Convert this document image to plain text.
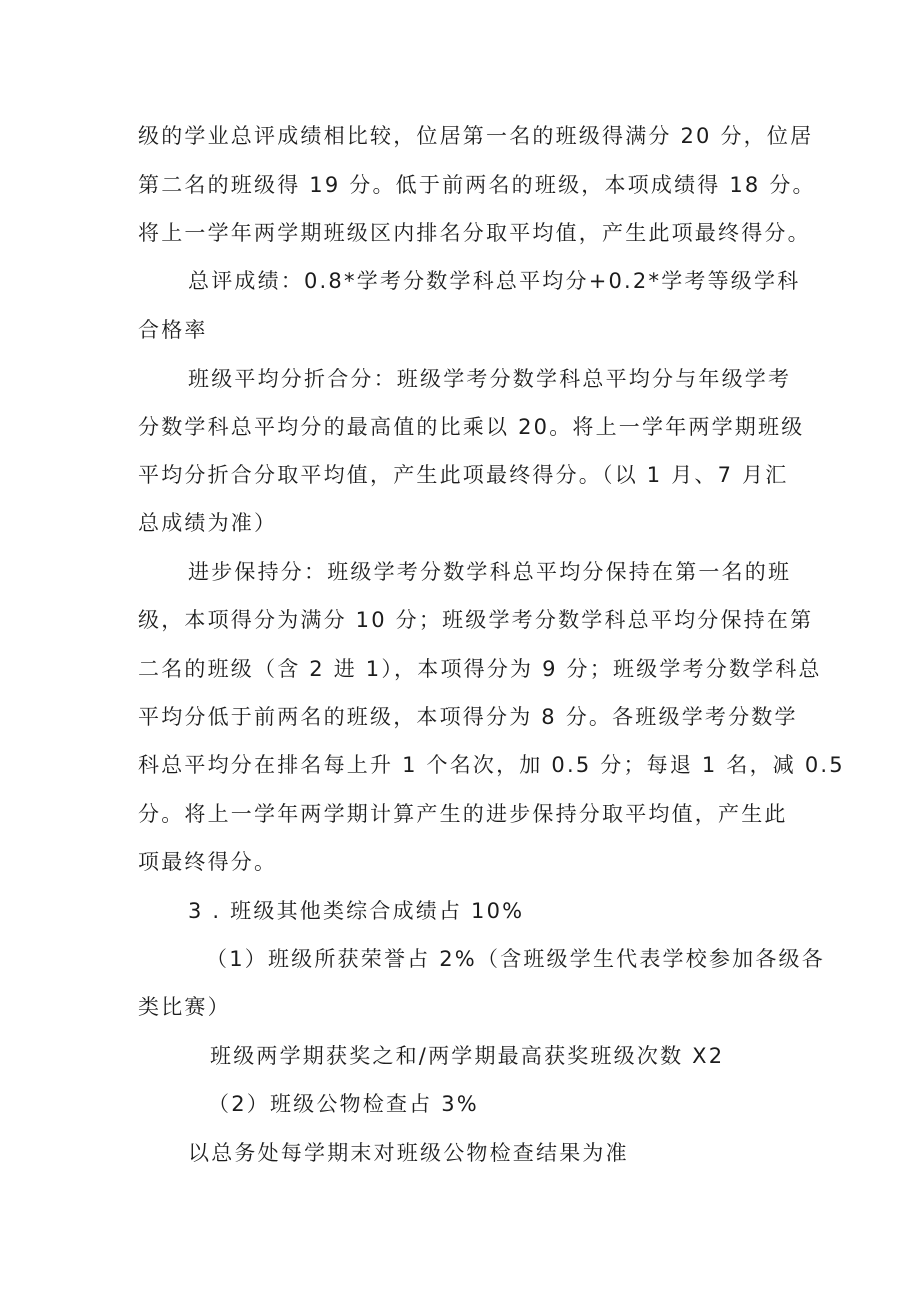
级的学业总评成绩相比较，位居第一名的班级得满分 20 分，位居
第二名的班级得 19 分。低于前两名的班级，本项成绩得 18 分。
将上一学年两学期班级区内排名分取平均值，产生此项最终得分。
总评成绩：0.8*学考分数学科总平均分+0.2*学考等级学科
合格率
班级平均分折合分：班级学考分数学科总平均分与年级学考
分数学科总平均分的最高值的比乘以 20。将上一学年两学期班级
平均分折合分取平均值，产生此项最终得分。（以 1 月、7 月汇
总成绩为准）
进步保持分：班级学考分数学科总平均分保持在第一名的班
级，本项得分为满分 10 分；班级学考分数学科总平均分保持在第
二名的班级（含 2 进 1），本项得分为 9 分；班级学考分数学科总
平均分低于前两名的班级，本项得分为 8 分。各班级学考分数学
科总平均分在排名每上升 1 个名次，加 0.5 分；每退 1 名，减 0.5
分。将上一学年两学期计算产生的进步保持分取平均值，产生此
项最终得分。
3 . 班级其他类综合成绩占 10%
（1）班级所获荣誉占 2%（含班级学生代表学校参加各级各
类比赛）
班级两学期获奖之和/两学期最高获奖班级次数 X2
（2）班级公物检查占 3%
以总务处每学期末对班级公物检查结果为准
